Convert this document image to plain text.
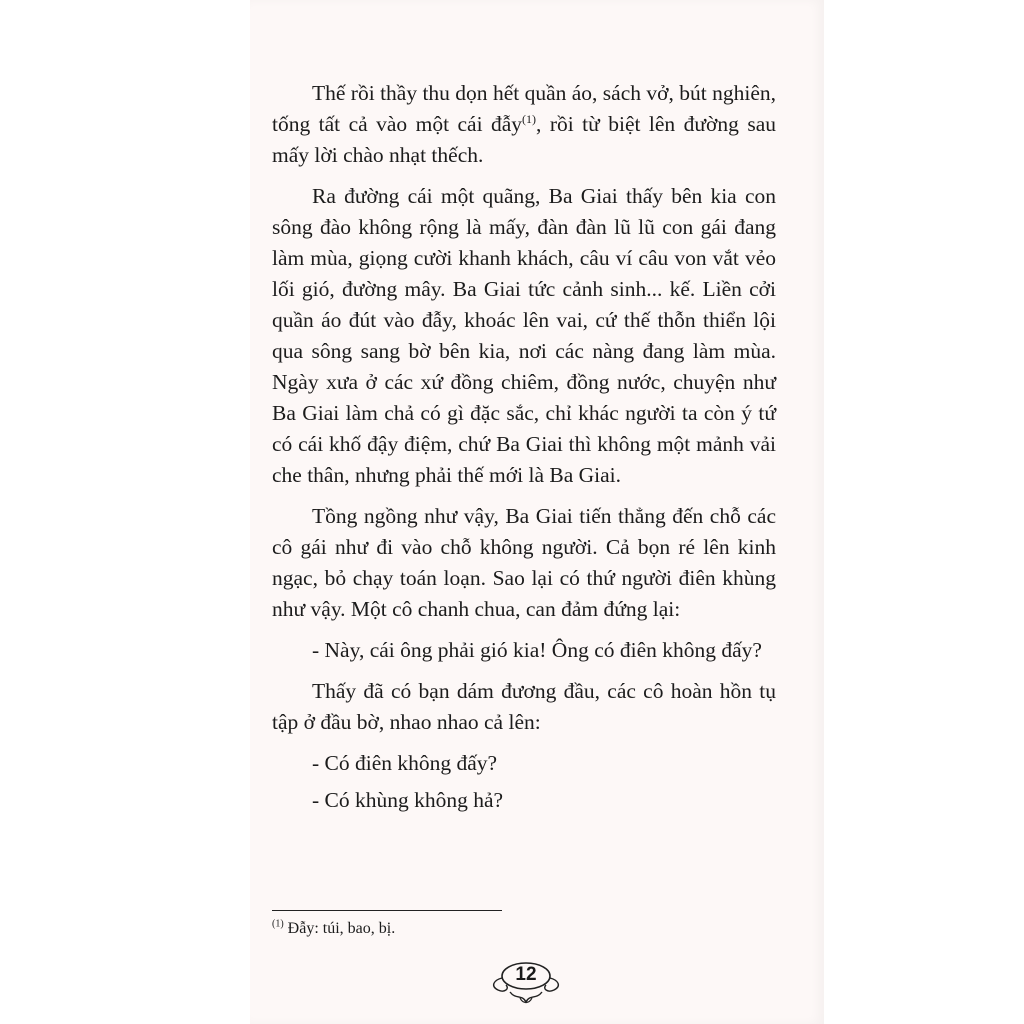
Thế rồi thầy thu dọn hết quần áo, sách vở, bút nghiên, tống tất cả vào một cái đẫy$^{(1)}$, rồi từ biệt lên đường sau mấy lời chào nhạt thếch.

Ra đường cái một quãng, Ba Giai thấy bên kia con sông đào không rộng là mấy, đàn đàn lũ lũ con gái đang làm mùa, giọng cười khanh khách, câu ví câu von vắt vẻo lối gió, đường mây. Ba Giai tức cảnh sinh... kế. Liền cởi quần áo đút vào đẫy, khoác lên vai, cứ thế thỗn thiển lội qua sông sang bờ bên kia, nơi các nàng đang làm mùa. Ngày xưa ở các xứ đồng chiêm, đồng nước, chuyện như Ba Giai làm chả có gì đặc sắc, chỉ khác người ta còn ý tứ có cái khố đậy điệm, chứ Ba Giai thì không một mảnh vải che thân, nhưng phải thế mới là Ba Giai.

Tồng ngồng như vậy, Ba Giai tiến thẳng đến chỗ các cô gái như đi vào chỗ không người. Cả bọn ré lên kinh ngạc, bỏ chạy toán loạn. Sao lại có thứ người điên khùng như vậy. Một cô chanh chua, can đảm đứng lại:

- Này, cái ông phải gió kia! Ông có điên không đấy?

Thấy đã có bạn dám đương đầu, các cô hoàn hồn tụ tập ở đầu bờ, nhao nhao cả lên:

- Có điên không đấy?

- Có khùng không hả?

$^{(1)}$ Đẫy: túi, bao, bị.
12
